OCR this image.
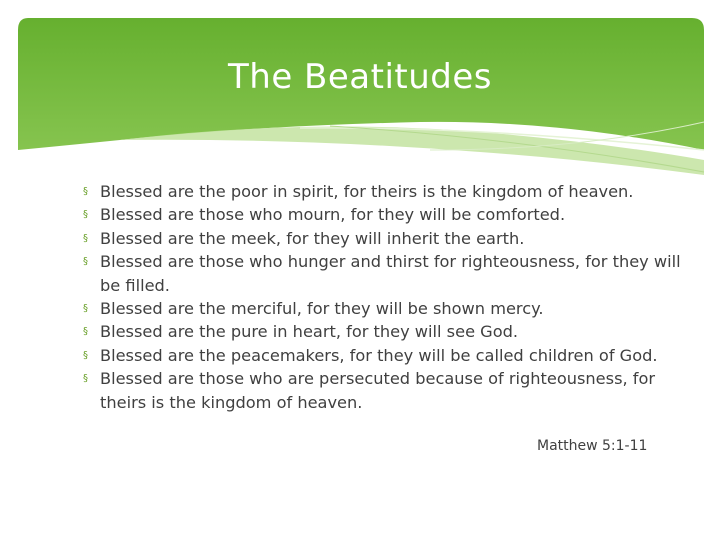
The Beatitudes
§ Blessed are the poor in spirit, for theirs is the kingdom of heaven.
§ Blessed are those who mourn, for they will be comforted.
§ Blessed are the meek, for they will inherit the earth.
§ Blessed are those who hunger and thirst for righteousness, for they will be filled.
§ Blessed are the merciful, for they will be shown mercy.
§ Blessed are the pure in heart, for they will see God.
§ Blessed are the peacemakers, for they will be called children of God.
§ Blessed are those who are persecuted because of righteousness, for theirs is the kingdom of heaven.

Matthew 5:1-11
